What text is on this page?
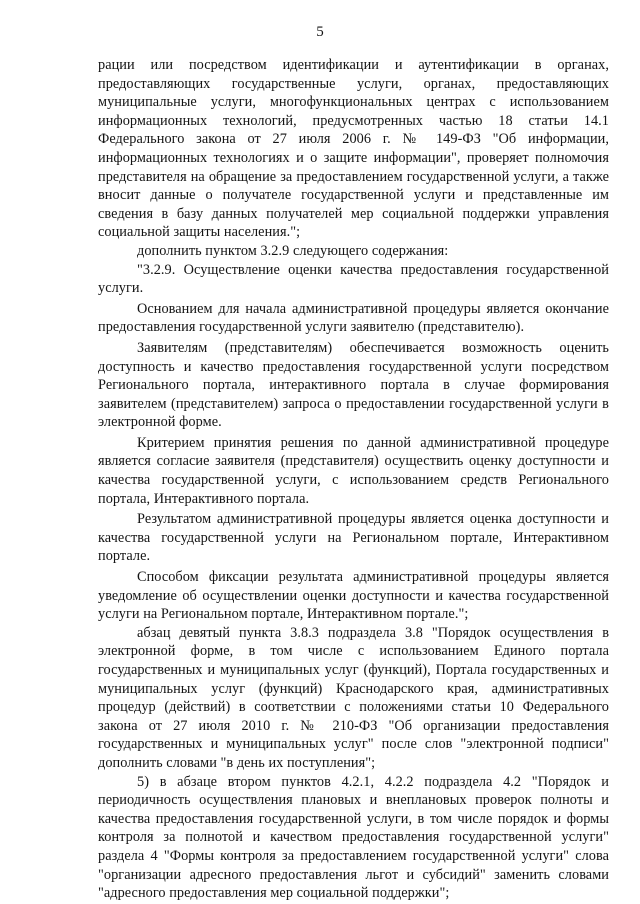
5

рации или посредством идентификации и аутентификации в органах, предоставляющих государственные услуги, органах, предоставляющих муниципальные услуги, многофункциональных центрах с использованием информационных технологий, предусмотренных частью 18 статьи 14.1 Федерального закона от 27 июля 2006 г. № 149-ФЗ "Об информации, информационных технологиях и о защите информации", проверяет полномочия представителя на обращение за предоставлением государственной услуги, а также вносит данные о получателе государственной услуги и представленные им сведения в базу данных получателей мер социальной поддержки управления социальной защиты населения.";

дополнить пунктом 3.2.9 следующего содержания:

"3.2.9. Осуществление оценки качества предоставления государственной услуги.

Основанием для начала административной процедуры является окончание предоставления государственной услуги заявителю (представителю).

Заявителям (представителям) обеспечивается возможность оценить доступность и качество предоставления государственной услуги посредством Регионального портала, интерактивного портала в случае формирования заявителем (представителем) запроса о предоставлении государственной услуги в электронной форме.

Критерием принятия решения по данной административной процедуре является согласие заявителя (представителя) осуществить оценку доступности и качества государственной услуги, с использованием средств Регионального портала, Интерактивного портала.

Результатом административной процедуры является оценка доступности и качества государственной услуги на Региональном портале, Интерактивном портале.

Способом фиксации результата административной процедуры является уведомление об осуществлении оценки доступности и качества государственной услуги на Региональном портале, Интерактивном портале.";

абзац девятый пункта 3.8.3 подраздела 3.8 "Порядок осуществления в электронной форме, в том числе с использованием Единого портала государственных и муниципальных услуг (функций), Портала государственных и муниципальных услуг (функций) Краснодарского края, административных процедур (действий) в соответствии с положениями статьи 10 Федерального закона от 27 июля 2010 г. № 210-ФЗ "Об организации предоставления государственных и муниципальных услуг" после слов "электронной подписи" дополнить словами "в день их поступления";

5) в абзаце втором пунктов 4.2.1, 4.2.2 подраздела 4.2 "Порядок и периодичность осуществления плановых и внеплановых проверок полноты и качества предоставления государственной услуги, в том числе порядок и формы контроля за полнотой и качеством предоставления государственной услуги" раздела 4 "Формы контроля за предоставлением государственной услуги" слова "организации адресного предоставления льгот и субсидий" заменить словами "адресного предоставления мер социальной поддержки";
